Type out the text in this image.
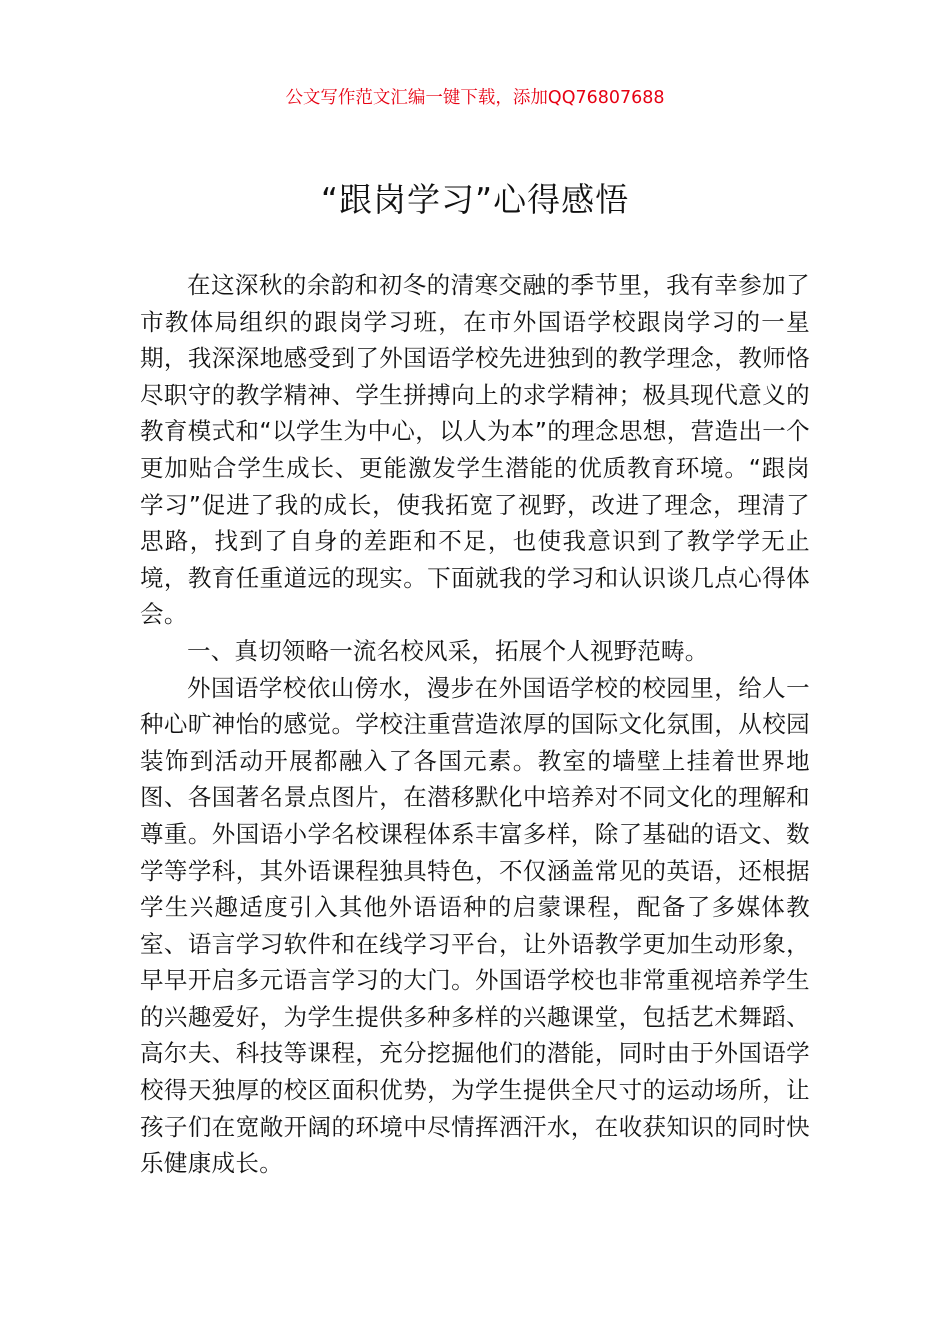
公文写作范文汇编一键下载，添加QQ76807688
“跟岗学习”心得感悟

在这深秋的余韵和初冬的清寒交融的季节里，我有幸参加了市教体局组织的跟岗学习班，在市外国语学校跟岗学习的一星期，我深深地感受到了外国语学校先进独到的教学理念，教师恪尽职守的教学精神、学生拼搏向上的求学精神；极具现代意义的教育模式和“以学生为中心，以人为本”的理念思想，营造出一个更加贴合学生成长、更能激发学生潜能的优质教育环境。“跟岗学习”促进了我的成长，使我拓宽了视野，改进了理念，理清了思路，找到了自身的差距和不足，也使我意识到了教学学无止境，教育任重道远的现实。下面就我的学习和认识谈几点心得体会。

一、真切领略一流名校风采，拓展个人视野范畴。

外国语学校依山傍水，漫步在外国语学校的校园里，给人一种心旷神怡的感觉。学校注重营造浓厚的国际文化氛围，从校园装饰到活动开展都融入了各国元素。教室的墙壁上挂着世界地图、各国著名景点图片，在潜移默化中培养对不同文化的理解和尊重。外国语小学名校课程体系丰富多样，除了基础的语文、数学等学科，其外语课程独具特色，不仅涵盖常见的英语，还根据学生兴趣适度引入其他外语语种的启蒙课程，配备了多媒体教室、语言学习软件和在线学习平台，让外语教学更加生动形象，早早开启多元语言学习的大门。外国语学校也非常重视培养学生的兴趣爱好，为学生提供多种多样的兴趣课堂，包括艺术舞蹈、高尔夫、科技等课程，充分挖掘他们的潜能，同时由于外国语学校得天独厚的校区面积优势，为学生提供全尺寸的运动场所，让孩子们在宽敞开阔的环境中尽情挥洒汗水，在收获知识的同时快乐健康成长。
